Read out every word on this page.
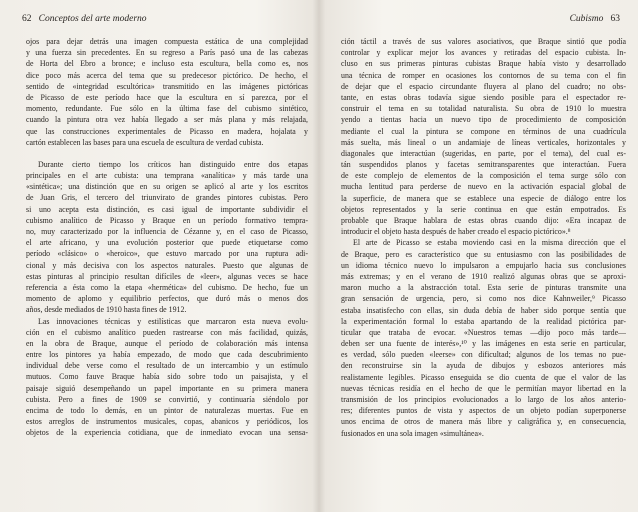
62 Conceptos del arte moderno
ojos para dejar detrás una imagen compuesta estática de una complejidad
y una fuerza sin precedentes. En su regreso a París pasó una de las cabezas
de Horta del Ebro a bronce; e incluso esta escultura, bella como es, nos
dice poco más acerca del tema que su predecesor pictórico. De hecho, el
sentido de «integridad escultórica» transmitido en las imágenes pictóricas
de Picasso de este período hace que la escultura en sí parezca, por el
momento, redundante. Fue sólo en la última fase del cubismo sintético,
cuando la pintura otra vez había llegado a ser más plana y más relajada,
que las construcciones experimentales de Picasso en madera, hojalata y
cartón establecen las bases para una escuela de escultura de verdad cubista.
Durante cierto tiempo los críticos han distinguido entre dos etapas
principales en el arte cubista: una temprana «analítica» y más tarde una
«sintética»; una distinción que en su origen se aplicó al arte y los escritos
de Juan Gris, el tercero del triunvirato de grandes pintores cubistas. Pero
si uno acepta esta distinción, es casi igual de importante subdividir el
cubismo analítico de Picasso y Braque en un período formativo tempra-
no, muy caracterizado por la influencia de Cézanne y, en el caso de Picasso,
el arte africano, y una evolución posterior que puede etiquetarse como
período «clásico» o «heroico», que estuvo marcado por una ruptura adi-
cional y más decisiva con los aspectos naturales. Puesto que algunas de
estas pinturas al principio resultan difíciles de «leer», algunas veces se hace
referencia a ésta como la etapa «hermética» del cubismo. De hecho, fue un
momento de aplomo y equilibrio perfectos, que duró más o menos dos
años, desde mediados de 1910 hasta fines de 1912.
Las innovaciones técnicas y estilísticas que marcaron esta nueva evolu-
ción en el cubismo analítico pueden rastrearse con más facilidad, quizás,
en la obra de Braque, aunque el período de colaboración más intensa
entre los pintores ya había empezado, de modo que cada descubrimiento
individual debe verse como el resultado de un intercambio y un estímulo
mutuos. Como fauve Braque había sido sobre todo un paisajista, y el
paisaje siguió desempeñando un papel importante en su primera manera
cubista. Pero a fines de 1909 se convirtió, y continuaría siéndolo por
encima de todo lo demás, en un pintor de naturalezas muertas. Fue en
estos arreglos de instrumentos musicales, copas, abanicos y periódicos, los
objetos de la experiencia cotidiana, que de inmediato evocan una sensa-
Cubismo 63
ción táctil a través de sus valores asociativos, que Braque sintió que podía
controlar y explicar mejor los avances y retiradas del espacio cubista. In-
cluso en sus primeras pinturas cubistas Braque había visto y desarrollado
una técnica de romper en ocasiones los contornos de su tema con el fin
de dejar que el espacio circundante fluyera al plano del cuadro; no obs-
tante, en estas obras todavía sigue siendo posible para el espectador re-
construir el tema en su totalidad naturalista. Su obra de 1910 lo muestra
yendo a tientas hacia un nuevo tipo de procedimiento de composición
mediante el cual la pintura se compone en términos de una cuadrícula
más suelta, más lineal o un andamiaje de líneas verticales, horizontales y
diagonales que interactúan (sugeridas, en parte, por el tema), del cual es-
tán suspendidos planos y facetas semitransparentes que interactúan. Fuera
de este complejo de elementos de la composición el tema surge sólo con
mucha lentitud para perderse de nuevo en la activación espacial global de
la superficie, de manera que se establece una especie de diálogo entre los
objetos representados y la serie continua en que están empotrados. Es
probable que Braque hablara de estas obras cuando dijo: «Era incapaz de
introducir el objeto hasta después de haber creado el espacio pictórico».⁸
El arte de Picasso se estaba moviendo casi en la misma dirección que el
de Braque, pero es característico que su entusiasmo con las posibilidades de
un idioma técnico nuevo lo impulsaron a empujarlo hacia sus conclusiones
más extremas; y en el verano de 1910 realizó algunas obras que se aproxi-
maron mucho a la abstracción total. Esta serie de pinturas transmite una
gran sensación de urgencia, pero, si como nos dice Kahnweiler,⁹ Picasso
estaba insatisfecho con ellas, sin duda debía de haber sido porque sentía que
la experimentación formal lo estaba apartando de la realidad pictórica par-
ticular que trataba de evocar. «Nuestros temas —dijo poco más tarde—
deben ser una fuente de interés»,¹⁰ y las imágenes en esta serie en particular,
es verdad, sólo pueden «leerse» con dificultad; algunos de los temas no pue-
den reconstruirse sin la ayuda de dibujos y esbozos anteriores más
realistamente legibles. Picasso enseguida se dio cuenta de que el valor de las
nuevas técnicas residía en el hecho de que le permitían mayor libertad en la
transmisión de los principios evolucionados a lo largo de los años anterio-
res; diferentes puntos de vista y aspectos de un objeto podían superponerse
unos encima de otros de manera más libre y caligráfica y, en consecuencia,
fusionados en una sola imagen «simultánea».
